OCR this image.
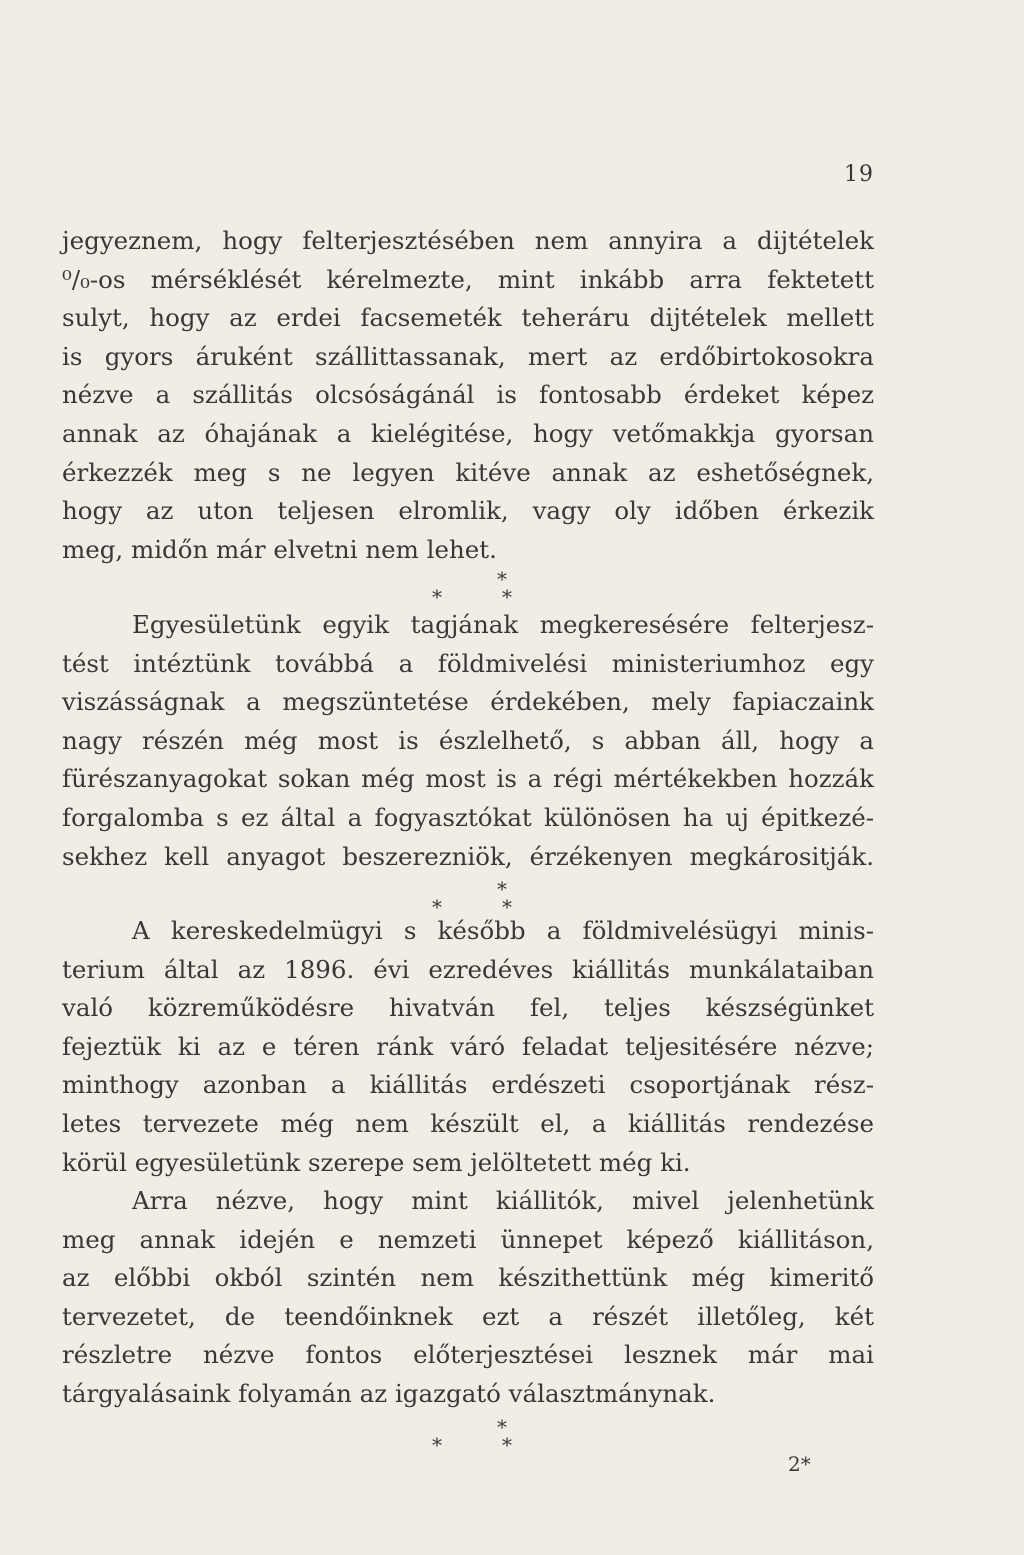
19
jegyeznem, hogy felterjesztésében nem annyira a dijtételek
⁰/₀-os mérséklését kérelmezte, mint inkább arra fektetett
sulyt, hogy az erdei facsemeték teheráru dijtételek mellett
is gyors áruként szállittassanak, mert az erdőbirtokosokra
nézve a szállitás olcsóságánál is fontosabb érdeket képez
annak az óhajának a kielégitése, hogy vetőmakkja gyorsan
érkezzék meg s ne legyen kitéve annak az eshetőségnek,
hogy az uton teljesen elromlik, vagy oly időben érkezik
meg, midőn már elvetni nem lehet.
*
**
Egyesületünk egyik tagjának megkeresésére felterjesz-
tést intéztünk továbbá a földmivelési ministeriumhoz egy
viszásságnak a megszüntetése érdekében, mely fapiaczaink
nagy részén még most is észlelhető, s abban áll, hogy a
fürészanyagokat sokan még most is a régi mértékekben hozzák
forgalomba s ez által a fogyasztókat különösen ha uj épitkezé-
sekhez kell anyagot beszerezniök, érzékenyen megkárositják.
*
**
A kereskedelmügyi s később a földmivelésügyi minis-
terium által az 1896. évi ezredéves kiállitás munkálataiban
való közreműködésre hivatván fel, teljes készségünket
fejeztük ki az e téren ránk váró feladat teljesitésére nézve;
minthogy azonban a kiállitás erdészeti csoportjának rész-
letes tervezete még nem készült el, a kiállitás rendezése
körül egyesületünk szerepe sem jelöltetett még ki.
Arra nézve, hogy mint kiállitók, mivel jelenhetünk
meg annak idején e nemzeti ünnepet képező kiállitáson,
az előbbi okból szintén nem készithettünk még kimeritő
tervezetet, de teendőinknek ezt a részét illetőleg, két
részletre nézve fontos előterjesztései lesznek már mai
tárgyalásaink folyamán az igazgató választmánynak.
*
**
2*
